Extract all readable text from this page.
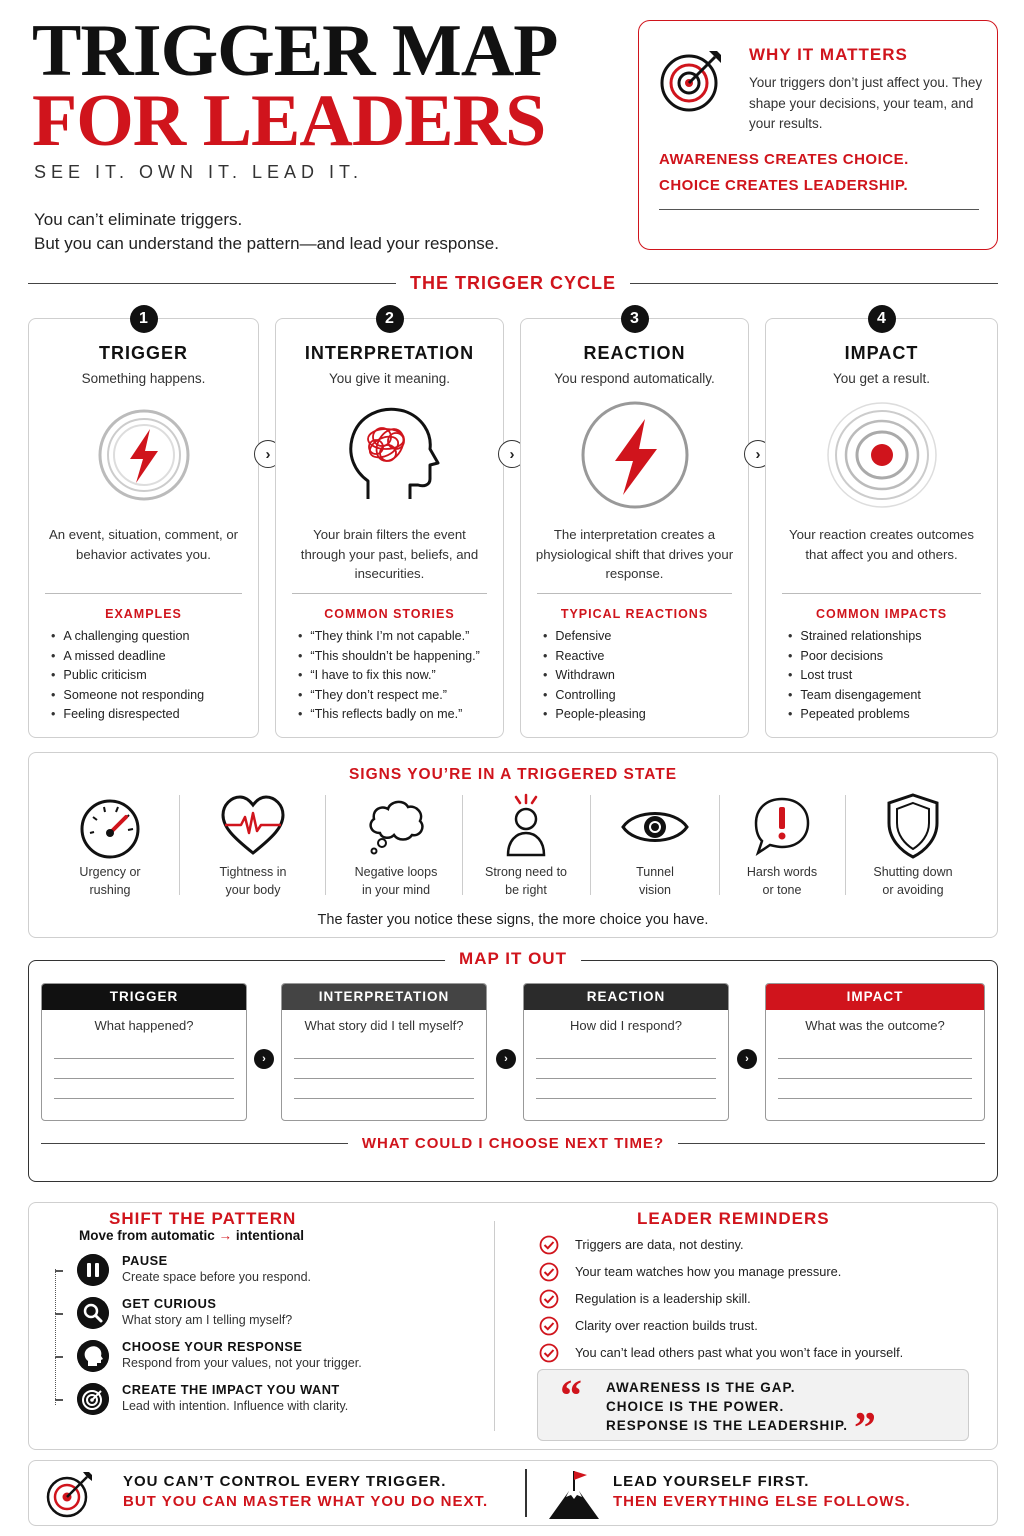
TRIGGER MAP
FOR LEADERS
SEE IT. OWN IT. LEAD IT.
You can’t eliminate triggers.
But you can understand the pattern—and lead your response.
WHY IT MATTERS
Your triggers don’t just affect you. They shape your decisions, your team, and your results.
AWARENESS CREATES CHOICE.
CHOICE CREATES LEADERSHIP.
THE TRIGGER CYCLE
1
TRIGGER
Something happens.
An event, situation, comment, or behavior activates you.
EXAMPLES
• A challenging question
• A missed deadline
• Public criticism
• Someone not responding
• Feeling disrespected
›
2
INTERPRETATION
You give it meaning.
Your brain filters the event through your past, beliefs, and insecurities.
COMMON STORIES
• “They think I’m not capable.”
• “This shouldn’t be happening.”
• “I have to fix this now.”
• “They don’t respect me.”
• “This reflects badly on me.”
›
3
REACTION
You respond automatically.
The interpretation creates a physiological shift that drives your response.
TYPICAL REACTIONS
• Defensive
• Reactive
• Withdrawn
• Controlling
• People-pleasing
›
4
IMPACT
You get a result.
Your reaction creates outcomes that affect you and others.
COMMON IMPACTS
• Strained relationships
• Poor decisions
• Lost trust
• Team disengagement
• Pepeated problems
SIGNS YOU’RE IN A TRIGGERED STATE
Urgency or
rushing
Tightness in
your body
Negative loops
in your mind
Strong need to
be right
Tunnel
vision
Harsh words
or tone
Shutting down
or avoiding
The faster you notice these signs, the more choice you have.
MAP IT OUT
TRIGGER
What happened?
›
INTERPRETATION
What story did I tell myself?
›
REACTION
How did I respond?
›
IMPACT
What was the outcome?
WHAT COULD I CHOOSE NEXT TIME?
SHIFT THE PATTERN
Move from automatic → intentional
PAUSE
Create space before you respond.
GET CURIOUS
What story am I telling myself?
CHOOSE YOUR RESPONSE
Respond from your values, not your trigger.
CREATE THE IMPACT YOU WANT
Lead with intention. Influence with clarity.
LEADER REMINDERS
Triggers are data, not destiny.
Your team watches how you manage pressure.
Regulation is a leadership skill.
Clarity over reaction builds trust.
You can’t lead others past what you won’t face in yourself.
“ AWARENESS IS THE GAP.
CHOICE IS THE POWER.
RESPONSE IS THE LEADERSHIP. ”
YOU CAN’T CONTROL EVERY TRIGGER.
BUT YOU CAN MASTER WHAT YOU DO NEXT.
LEAD YOURSELF FIRST.
THEN EVERYTHING ELSE FOLLOWS.
